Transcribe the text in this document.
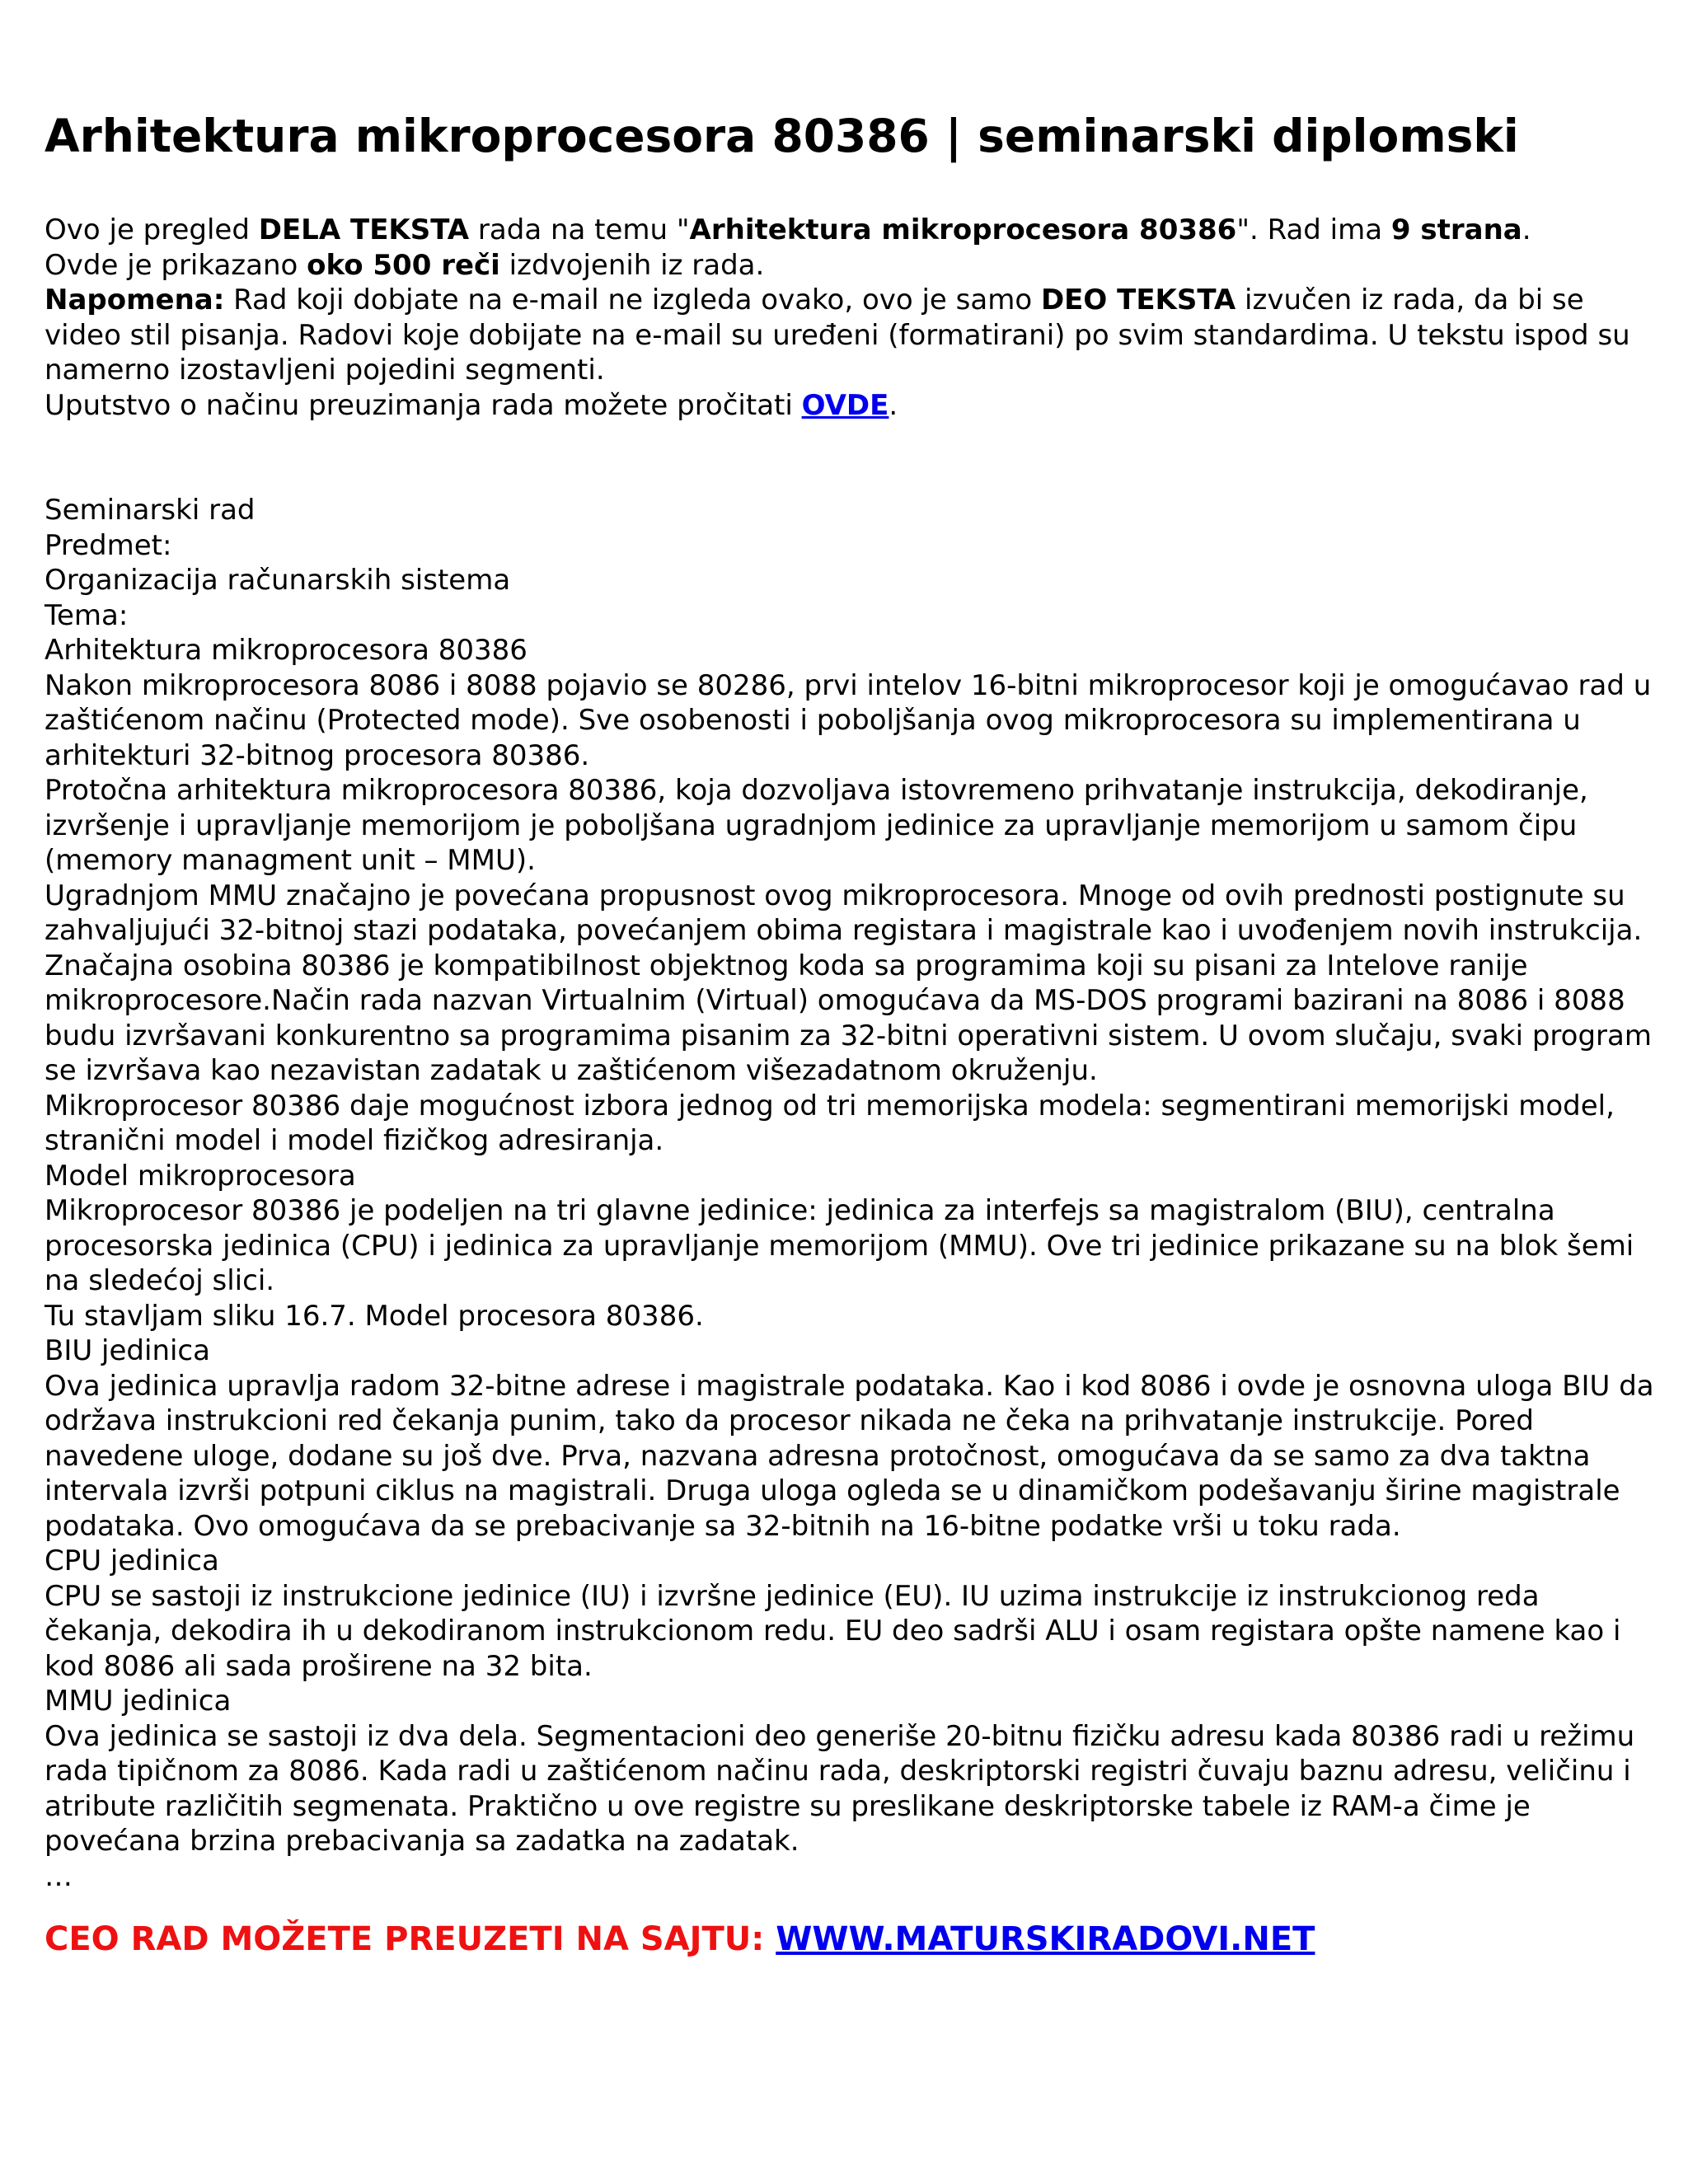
Arhitektura mikroprocesora 80386 | seminarski diplomski

Ovo je pregled DELA TEKSTA rada na temu "Arhitektura mikroprocesora 80386". Rad ima 9 strana.

Ovde je prikazano oko 500 reči izdvojenih iz rada.

Napomena: Rad koji dobjate na e-mail ne izgleda ovako, ovo je samo DEO TEKSTA izvučen iz rada, da bi se video stil pisanja. Radovi koje dobijate na e-mail su uređeni (formatirani) po svim standardima. U tekstu ispod su namerno izostavljeni pojedini segmenti.

Uputstvo o načinu preuzimanja rada možete pročitati OVDE.

Seminarski rad

Predmet:

Organizacija računarskih sistema

Tema:

Arhitektura mikroprocesora 80386

Nakon mikroprocesora 8086 i 8088 pojavio se 80286, prvi intelov 16-bitni mikroprocesor koji je omogućavao rad u zaštićenom načinu (Protected mode). Sve osobenosti i poboljšanja ovog mikroprocesora su implementirana u arhitekturi 32-bitnog procesora 80386.

Protočna arhitektura mikroprocesora 80386, koja dozvoljava istovremeno prihvatanje instrukcija, dekodiranje, izvršenje i upravljanje memorijom je poboljšana ugradnjom jedinice za upravljanje memorijom u samom čipu (memory managment unit – MMU).

Ugradnjom MMU značajno je povećana propusnost ovog mikroprocesora. Mnoge od ovih prednosti postignute su zahvaljujući 32-bitnoj stazi podataka, povećanjem obima registara i magistrale kao i uvođenjem novih instrukcija.

Značajna osobina 80386 je kompatibilnost objektnog koda sa programima koji su pisani za Intelove ranije mikroprocesore.Način rada nazvan Virtualnim (Virtual) omogućava da MS-DOS programi bazirani na 8086 i 8088 budu izvršavani konkurentno sa programima pisanim za 32-bitni operativni sistem. U ovom slučaju, svaki program se izvršava kao nezavistan zadatak u zaštićenom višezadatnom okruženju.

Mikroprocesor 80386 daje mogućnost izbora jednog od tri memorijska modela: segmentirani memorijski model, stranični model i model fizičkog adresiranja.

Model mikroprocesora

Mikroprocesor 80386 je podeljen na tri glavne jedinice: jedinica za interfejs sa magistralom (BIU), centralna procesorska jedinica (CPU) i jedinica za upravljanje memorijom (MMU). Ove tri jedinice prikazane su na blok šemi na sledećoj slici.

Tu stavljam sliku 16.7. Model procesora 80386.

BIU jedinica

Ova jedinica upravlja radom 32-bitne adrese i magistrale podataka. Kao i kod 8086 i ovde je osnovna uloga BIU da održava instrukcioni red čekanja punim, tako da procesor nikada ne čeka na prihvatanje instrukcije. Pored navedene uloge, dodane su još dve. Prva, nazvana adresna protočnost, omogućava da se samo za dva taktna intervala izvrši potpuni ciklus na magistrali. Druga uloga ogleda se u dinamičkom podešavanju širine magistrale podataka. Ovo omogućava da se prebacivanje sa 32-bitnih na 16-bitne podatke vrši u toku rada.

CPU jedinica

CPU se sastoji iz instrukcione jedinice (IU) i izvršne jedinice (EU). IU uzima instrukcije iz instrukcionog reda čekanja, dekodira ih u dekodiranom instrukcionom redu. EU deo sadrši ALU i osam registara opšte namene kao i kod 8086 ali sada proširene na 32 bita.

MMU jedinica

Ova jedinica se sastoji iz dva dela. Segmentacioni deo generiše 20-bitnu fizičku adresu kada 80386 radi u režimu rada tipičnom za 8086. Kada radi u zaštićenom načinu rada, deskriptorski registri čuvaju baznu adresu, veličinu i atribute različitih segmenata. Praktično u ove registre su preslikane deskriptorske tabele iz RAM-a čime je povećana brzina prebacivanja sa zadatka na zadatak.

…

CEO RAD MOŽETE PREUZETI NA SAJTU: WWW.MATURSKIRADOVI.NET
